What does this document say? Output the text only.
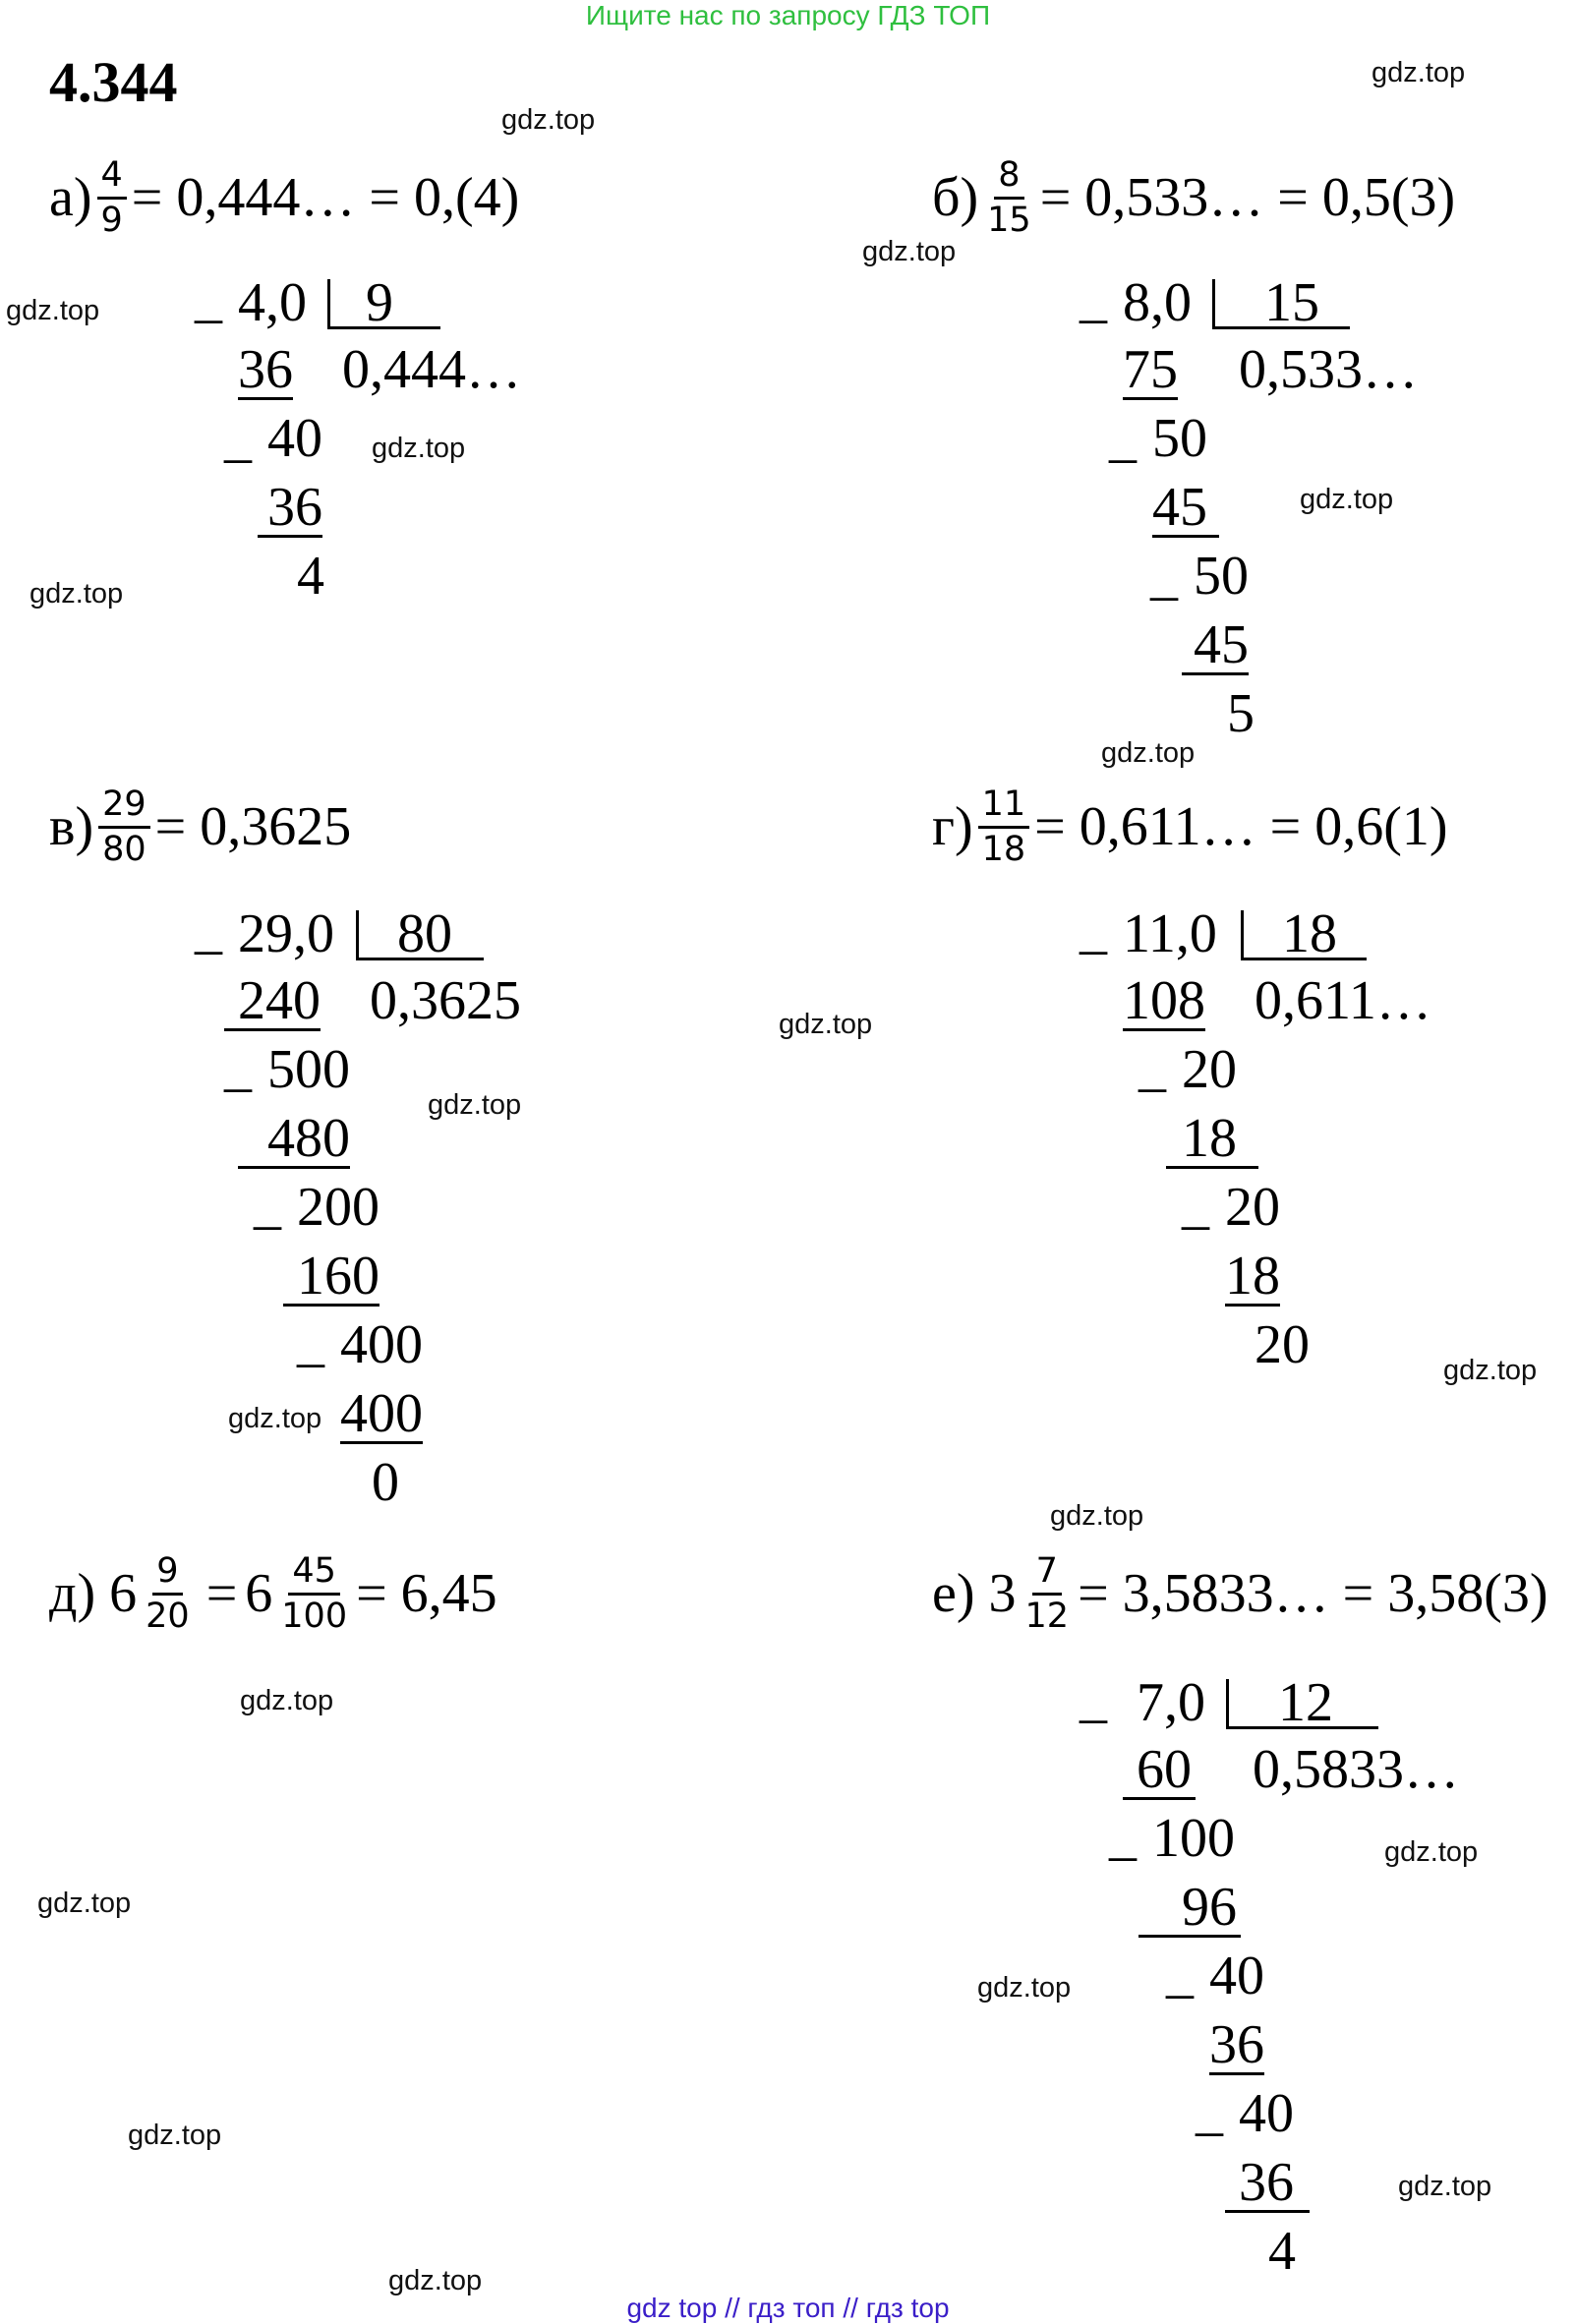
Ищите нас по запросу ГДЗ ТОП
4.344
gdz.top
gdz.top
gdz.top
gdz.top
gdz.top
gdz.top
gdz.top
gdz.top
gdz.top
gdz.top
gdz.top
gdz.top
gdz.top
gdz.top
gdz.top
gdz.top
gdz.top
gdz.top
gdz.top
gdz.top
$а) \frac{4}{9}$ = 0,444… = 0,(4)
_ 4,0 9
0,444…
36
_ 40
36
4
$б) \frac{8}{15}$ = 0,533… = 0,5(3)
_ 8,0 15
0,533…
75
_ 50
45
_ 50
45
5
$в) \frac{29}{80} = 0,3625$
_ 29,0 80
0,3625
240
_ 500
480
_ 200
160
_ 400
400
0
$г) \frac{11}{18}$ = 0,611… = 0,6(1)
_ 11,0 18
0,611…
108
_ 20
18
_ 20
18
20
д) $6 \frac{9}{20} = 6 \frac{45}{100} = 6,45$	е) $3 \frac{7}{12}$ = 3,5833… = 3,58(3)
_ 7,0 12
0,5833…
60
_ 100
96
_ 40
36
_ 40
36
4
gdz top // гдз топ // гдз top
